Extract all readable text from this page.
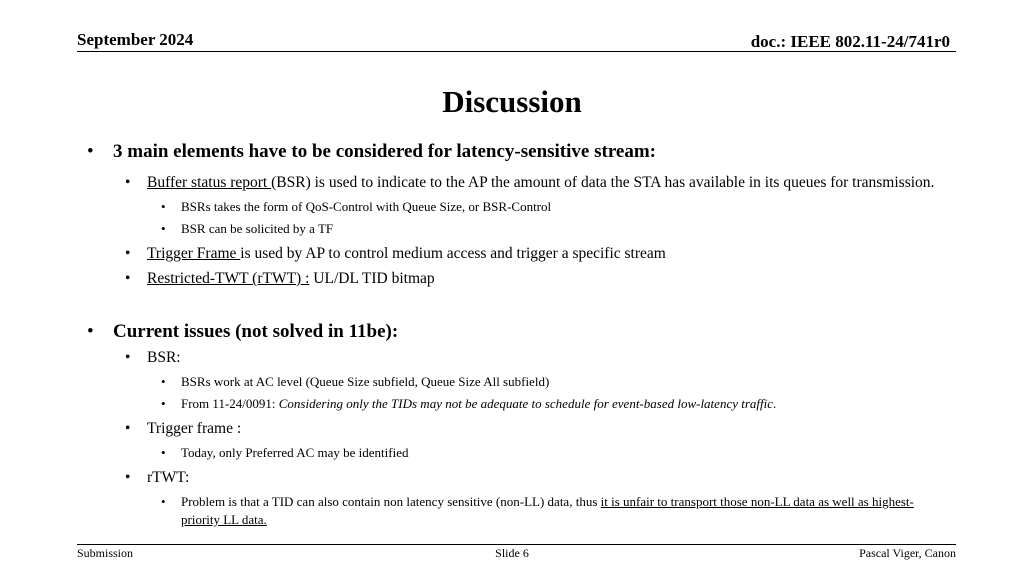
September 2024	doc.: IEEE 802.11-24/741r0
Discussion
• 3 main elements have to be considered for latency-sensitive stream:
• Buffer status report (BSR) is used to indicate to the AP the amount of data the STA has available in its queues for transmission.
• BSRs takes the form of QoS-Control with Queue Size, or BSR-Control
• BSR can be solicited by a TF
• Trigger Frame is used by AP to control medium access and trigger a specific stream
• Restricted-TWT (rTWT) : UL/DL TID bitmap
• Current issues (not solved in 11be):
• BSR:
• BSRs work at AC level (Queue Size subfield, Queue Size All subfield)
• From 11-24/0091: Considering only the TIDs may not be adequate to schedule for event-based low-latency traffic.
• Trigger frame :
• Today, only Preferred AC may be identified
• rTWT:
• Problem is that a TID can also contain non latency sensitive (non-LL) data, thus it is unfair to transport those non-LL data as well as highest-priority LL data.
Submission	Slide 6	Pascal Viger, Canon
